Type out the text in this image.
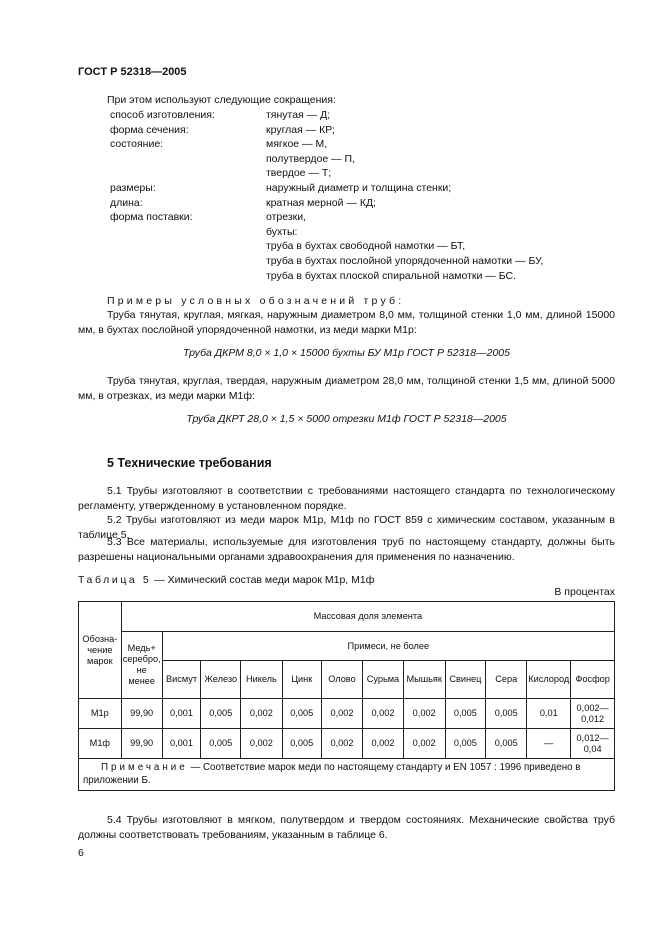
ГОСТ Р 52318—2005
При этом используют следующие сокращения:
способ изготовления:	тянутая — Д;
форма сечения:	круглая — КР;
состояние:	мягкое — М,
	полутвердое — П,
	твердое — Т;
размеры:	наружный диаметр и толщина стенки;
длина:	кратная мерной — КД;
форма поставки:	отрезки,
	бухты:
	труба в бухтах свободной намотки — БТ,
	труба в бухтах послойной упорядоченной намотки — БУ,
	труба в бухтах плоской спиральной намотки — БС.
Примеры условных обозначений труб:
Труба тянутая, круглая, мягкая, наружным диаметром 8,0 мм, толщиной стенки 1,0 мм, длиной 15000 мм, в бухтах послойной упорядоченной намотки, из меди марки М1р:
Труба ДКРМ 8,0 × 1,0 × 15000 бухты БУ М1р ГОСТ Р 52318—2005
Труба тянутая, круглая, твердая, наружным диаметром 28,0 мм, толщиной стенки 1,5 мм, длиной 5000 мм, в отрезках, из меди марки М1ф:
Труба ДКРТ 28,0 × 1,5 × 5000 отрезки М1ф ГОСТ Р 52318—2005
5 Технические требования
5.1 Трубы изготовляют в соответствии с требованиями настоящего стандарта по технологическому регламенту, утвержденному в установленном порядке.
5.2 Трубы изготовляют из меди марок М1р, М1ф по ГОСТ 859 с химическим составом, указанным в таблице 5.
5.3 Все материалы, используемые для изготовления труб по настоящему стандарту, должны быть разрешены национальными органами здравоохранения для применения по назначению.
Таблица 5 — Химический состав меди марок М1р, М1ф
В процентах
Обозна-чение марок	Массовая доля элемента											
	Медь+ серебро, не менее	Примеси, не более										
		Висмут	Железо	Никель	Цинк	Олово	Сурьма	Мышьяк	Свинец	Сера	Кислород	Фосфор
М1р	99,90	0,001	0,005	0,002	0,005	0,002	0,002	0,002	0,005	0,005	0,01	0,002—0,012
М1ф	99,90	0,001	0,005	0,002	0,005	0,002	0,002	0,002	0,005	0,005	—	0,012—0,04
Примечание — Соответствие марок меди по настоящему стандарту и EN 1057 : 1996 приведено в приложении Б.												
5.4 Трубы изготовляют в мягком, полутвердом и твердом состояниях. Механические свойства труб должны соответствовать требованиям, указанным в таблице 6.
6
